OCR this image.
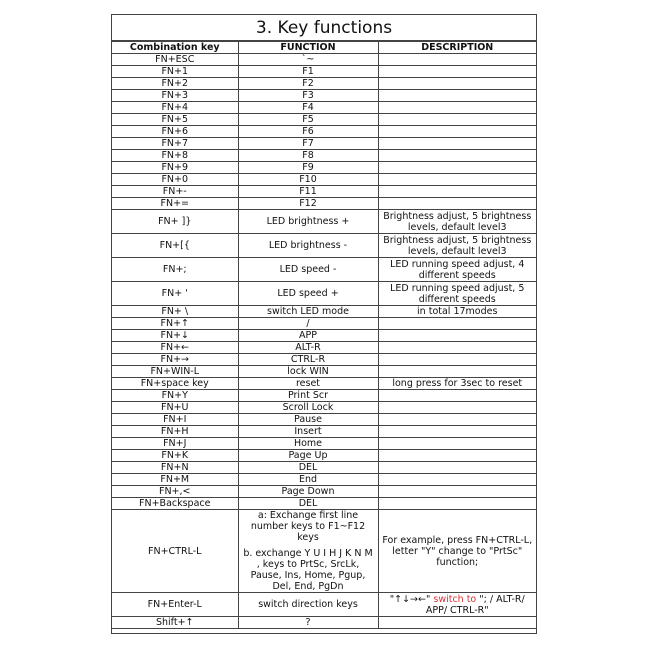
3. Key functions
Combination key	FUNCTION	DESCRIPTION
FN+ESC	`~	
FN+1	F1	
FN+2	F2	
FN+3	F3	
FN+4	F4	
FN+5	F5	
FN+6	F6	
FN+7	F7	
FN+8	F8	
FN+9	F9	
FN+0	F10	
FN+-	F11	
FN+=	F12	
FN+ ]}	LED brightness +	Brightness adjust, 5 brightness levels, default level3
FN+[{	LED brightness -	Brightness adjust, 5 brightness levels, default level3
FN+;	LED speed -	LED running speed adjust, 4 different speeds
FN+ '	LED speed +	LED running speed adjust, 5 different speeds
FN+ \	switch LED mode	in total 17modes
FN+↑	/	
FN+↓	APP	
FN+←	ALT-R	
FN+→	CTRL-R	
FN+WIN-L	lock WIN	
FN+space key	reset	long press for 3sec to reset
FN+Y	Print Scr	
FN+U	Scroll Lock	
FN+I	Pause	
FN+H	Insert	
FN+J	Home	
FN+K	Page Up	
FN+N	DEL	
FN+M	End	
FN+,<	Page Down	
FN+Backspace	DEL	
FN+CTRL-L	a: Exchange first line number keys to F1~F12 keys

b. exchange Y U I H J K N M , keys to PrtSc, SrcLk, Pause, Ins, Home, Pgup, Del, End, PgDn	For example, press FN+CTRL-L, letter "Y" change to "PrtSc" function;
FN+Enter-L	switch direction keys	"↑↓→←" switch to "; / ALT-R/ APP/ CTRL-R"
Shift+↑	?	
